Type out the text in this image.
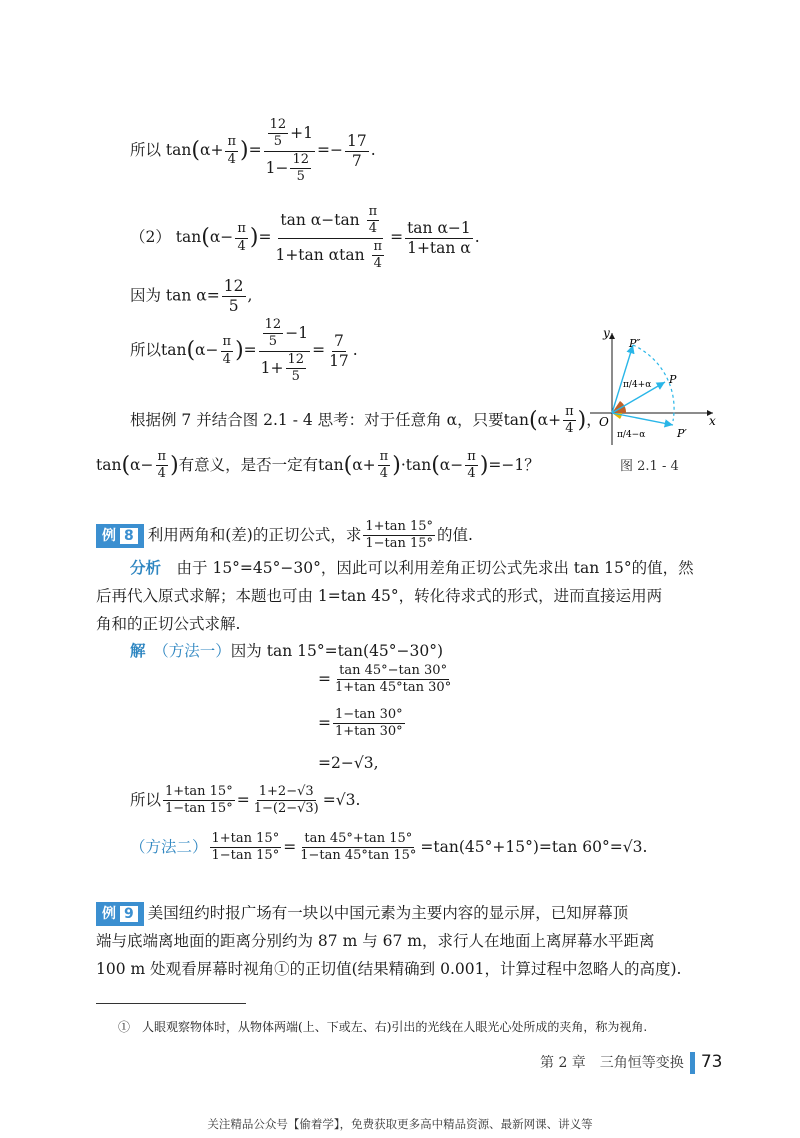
所以 $\tan(\alpha+ \frac{\pi}{4}$ )= $\frac{\frac{12}{5} +1}{1- \frac{12}{5}} =- \frac{17}{7}$ .
（2） $\tan(\alpha- \frac{\pi}{4}$ )= $\frac{\tan \alpha-\tan \frac{\pi}{4}}{1+\tan \alpha\tan \frac{\pi}{4}} = \frac{\text{tan α−1}}{\text{1+tan α}}$ .
因为 $\tan \alpha= \frac{12}{5}$ ,
所以$\tan(\alpha- \frac{\pi}{4}$ )= $\frac{\frac{12}{5} -1}{1+ \frac{12}{5}} = \frac{7}{17}$ .
根据例 7 并结合图 2.1 - 4 思考：对于任意角 α，只要$\tan(\alpha+ \frac{\pi}{4}$ )，
$\tan(\alpha- \frac{\pi}{4}$ )有意义，是否一定有$\tan(\alpha+ \frac{\pi}{4} )\cdot\tan(\alpha- \frac{\pi}{4} )=-1$？
y
x
O
P″
P
P′
π/4+α
π/4−α
图 2.1 - 4
例 8 利用两角和(差)的正切公式，求 $\frac{1+\tan 15^\circ}{1-\tan 15^\circ}$ 的值.
分析　 由于 15°=45°−30°，因此可以利用差角正切公式先求出 tan 15°的值，然
后再代入原式求解；本题也可由 1=tan 45°，转化待求式的形式，进而直接运用两
角和的正切公式求解.
解　 （方法一）因为 tan 15°=tan(45°−30°)
= $\frac{\tan 45^\circ-\tan 30^\circ}{1+\tan 45^\circ\tan 30^\circ}$
= $\frac{1-\tan 30^\circ}{1+\tan 30^\circ}$
=2−√3,
所以 $\frac{1+\tan 15^\circ}{1-\tan 15^\circ} = \frac{1+2-√3}{1-(2-√3)} =√3$.
（方法二） $\frac{1+\tan 15^\circ}{1-\tan 15^\circ} = \frac{\tan 45^\circ+\tan 15^\circ}{1-\tan 45^\circ\tan 15^\circ} =\tan(45^\circ+15^\circ)=\tan$ 60°=√3.
例 9 美国纽约时报广场有一块以中国元素为主要内容的显示屏，已知屏幕顶
端与底端离地面的距离分别约为 87 m 与 67 m，求行人在地面上离屏幕水平距离
100 m 处观看屏幕时视角①的正切值(结果精确到 0.001，计算过程中忽略人的高度).
①　 人眼观察物体时，从物体两端(上、下或左、右)引出的光线在人眼光心处所成的夹角，称为视角.
第 2 章　三角恒等变换 73
关注精品公众号【偷着学】，免费获取更多高中精品资源、最新网课、讲义等
